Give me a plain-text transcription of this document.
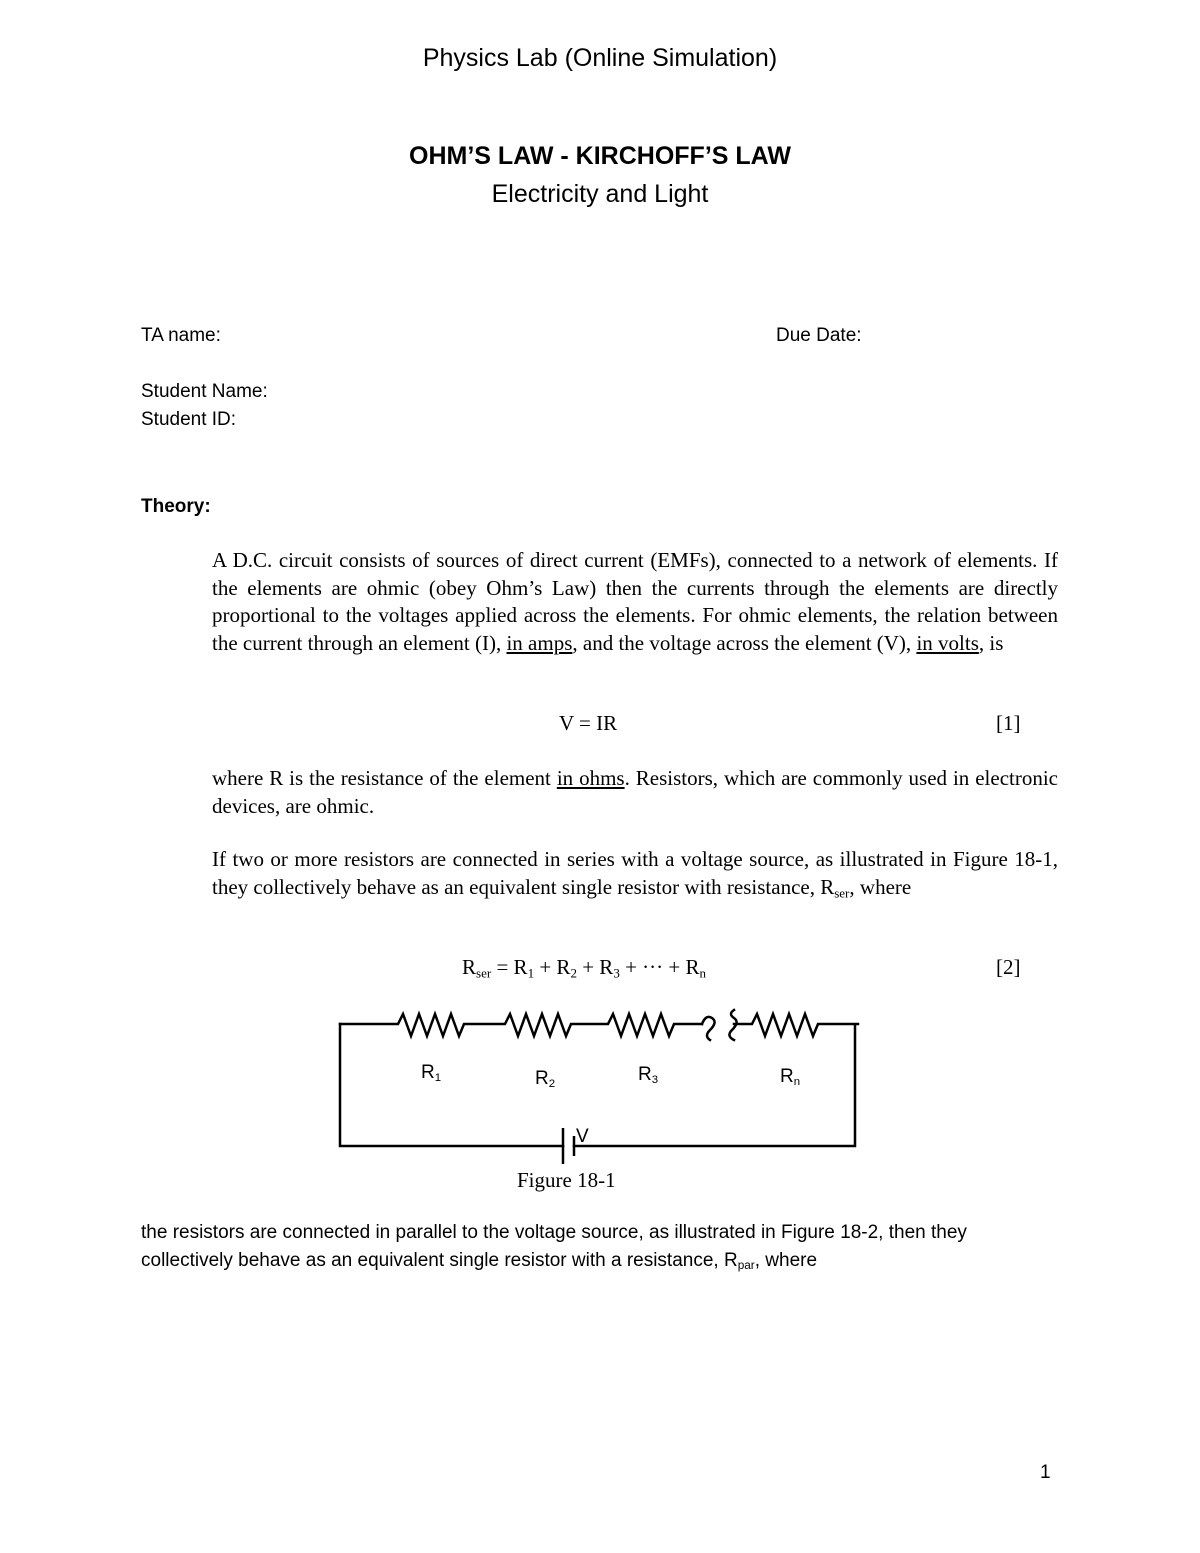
Physics Lab (Online Simulation)
OHM’S LAW - KIRCHOFF’S LAW
Electricity and Light
TA name:	Due Date:
Student Name:
Student ID:
Theory:
A D.C. circuit consists of sources of direct current (EMFs), connected to a network of elements. If the elements are ohmic (obey Ohm’s Law) then the currents through the elements are directly proportional to the voltages applied across the elements. For ohmic elements, the relation between the current through an element (I), in amps, and the voltage across the element (V), in volts, is
V = IR	[1]
where R is the resistance of the element in ohms. Resistors, which are commonly used in electronic devices, are ohmic.
If two or more resistors are connected in series with a voltage source, as illustrated in Figure 18-1, they collectively behave as an equivalent single resistor with resistance, $R_{ser}$, where
$R_{ser} = R_1 + R_2 + R_3$ + ··· + $R_n$	[2]
$R_1$	$R_2$	$R_3$	$R_n$
V
Figure 18-1
the resistors are connected in parallel to the voltage source, as illustrated in Figure 18-2, then they collectively behave as an equivalent single resistor with a resistance, $R_{par}$, where
1
